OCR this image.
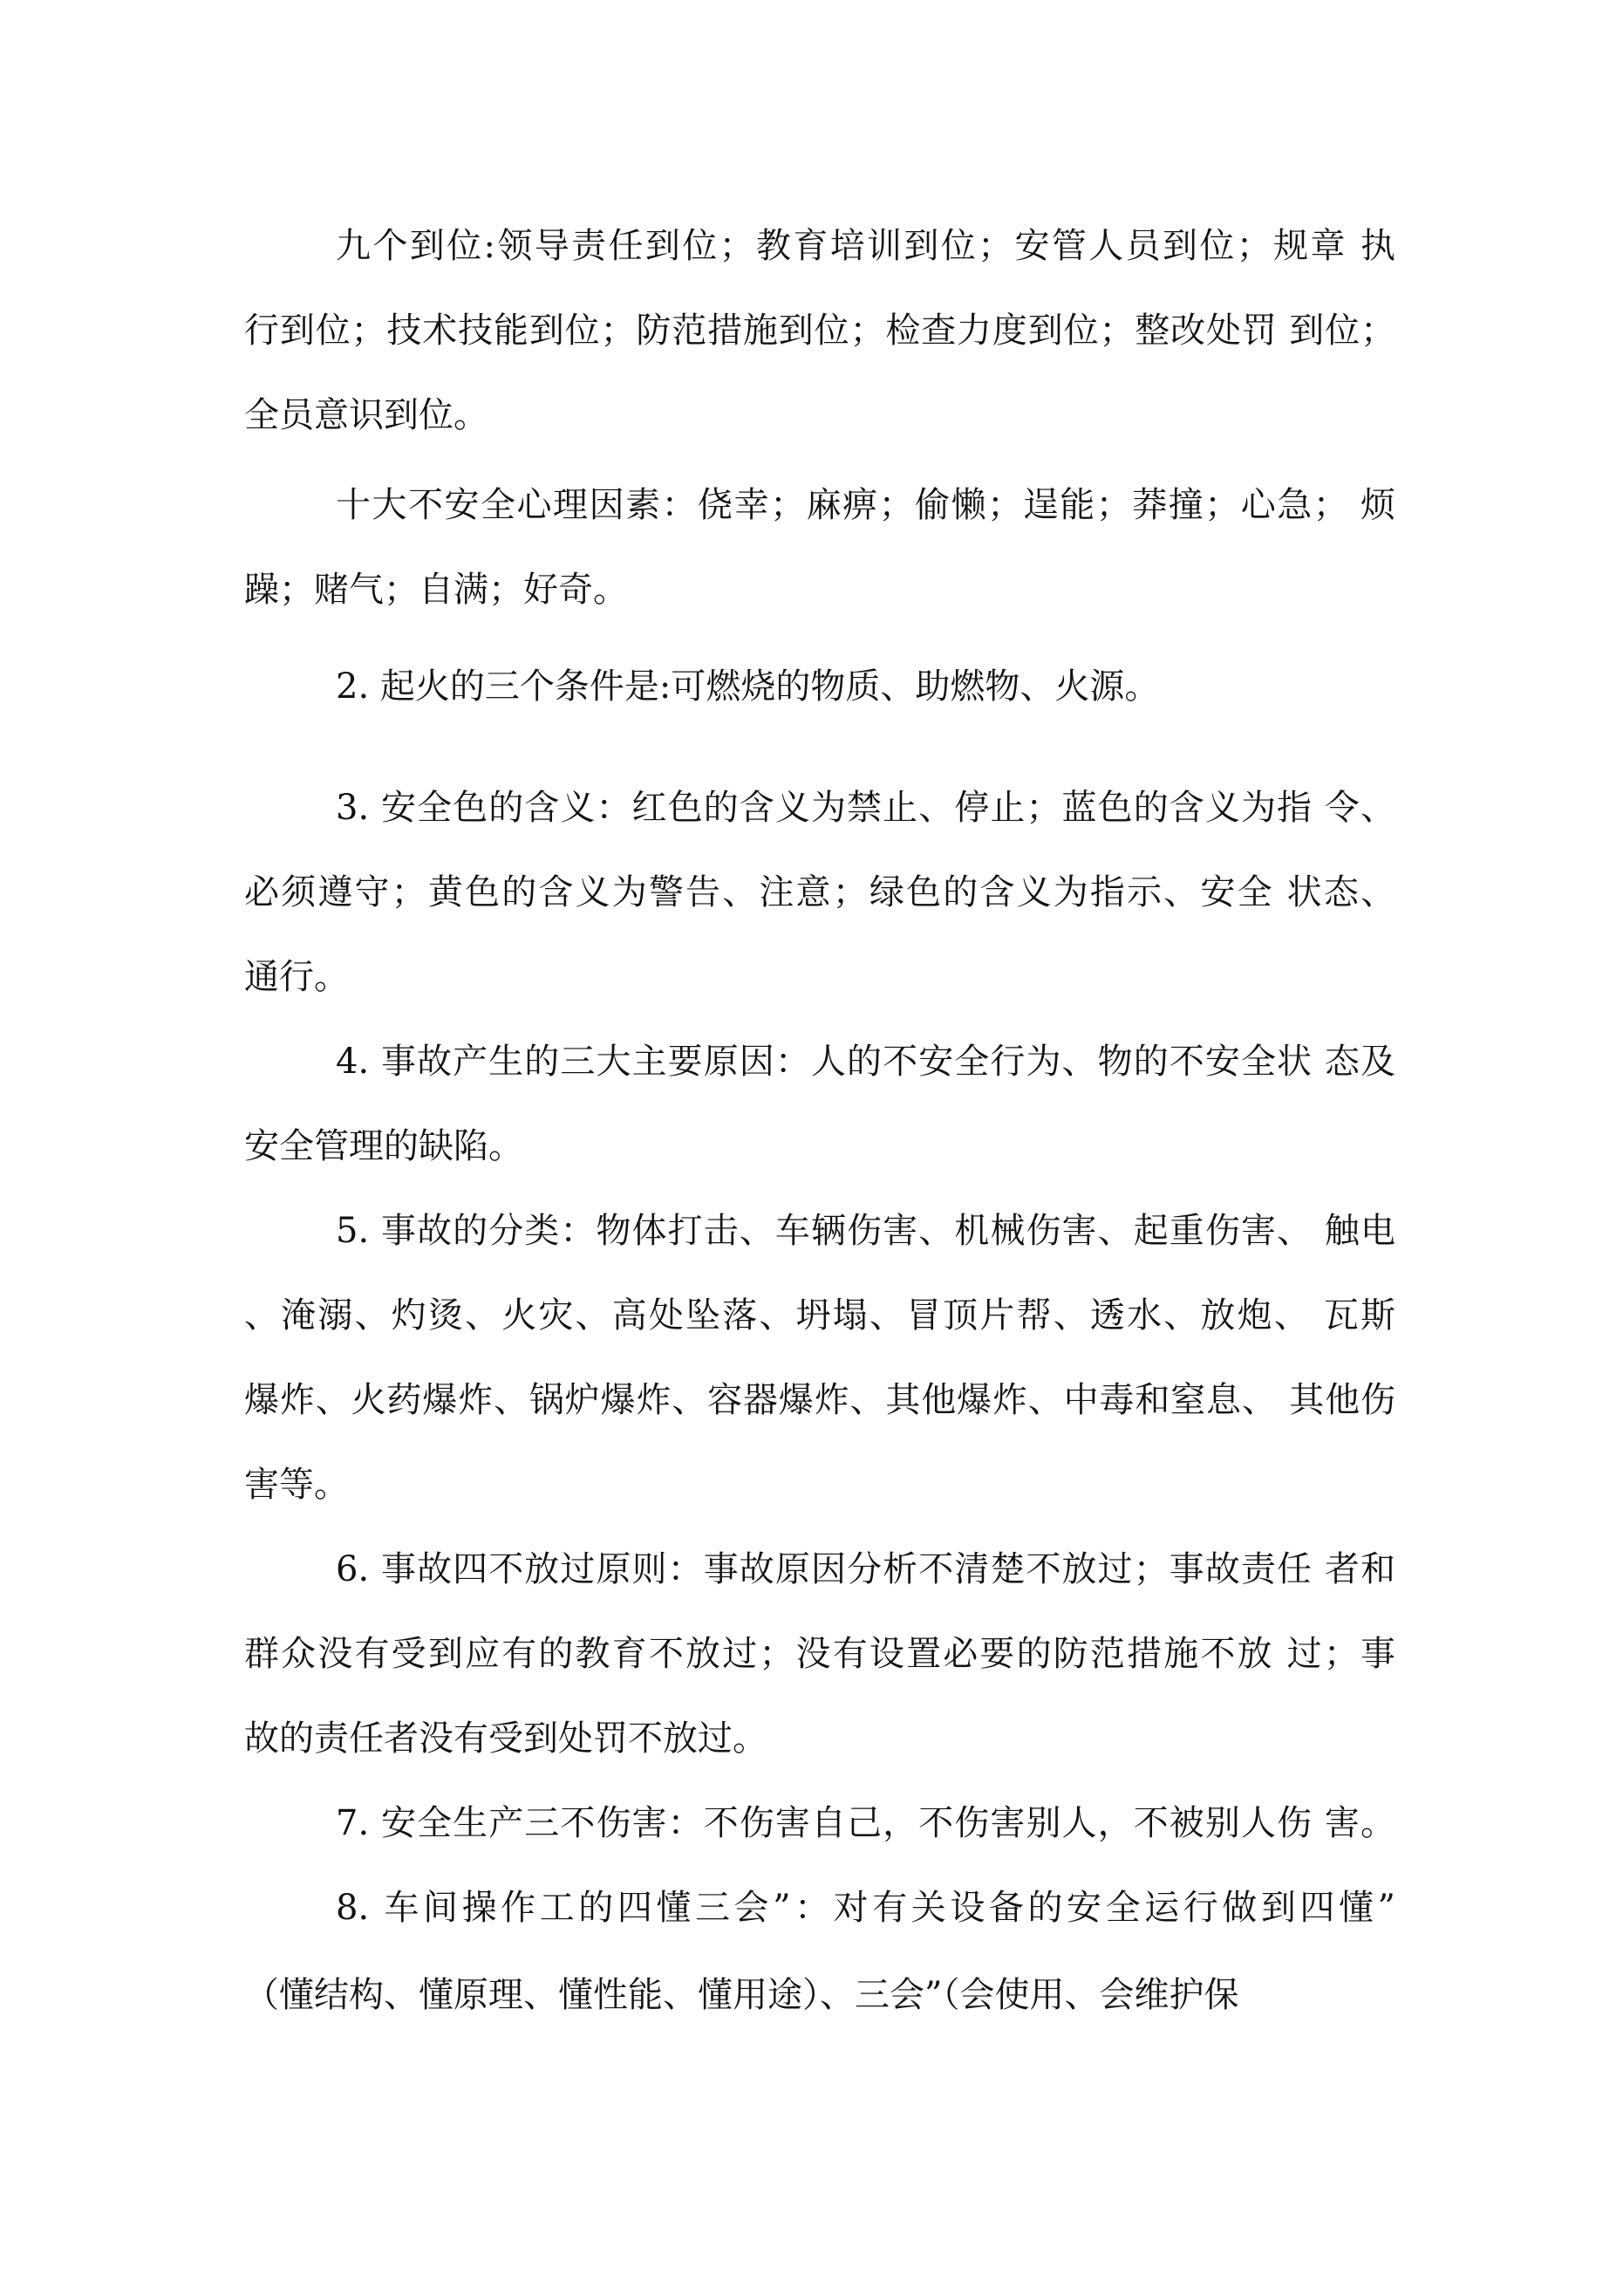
九个到位:领导责任到位；教育培训到位；安管人员到位；规章 执
行到位；技术技能到位；防范措施到位；检查力度到位；整改处罚 到位；
全员意识到位。
十大不安全心理因素：侥幸；麻痹；偷懒；逞能；莽撞；心急； 烦
躁；赌气；自满；好奇。
2. 起火的三个条件是:可燃烧的物质、助燃物、火源。
3. 安全色的含义：红色的含义为禁止、停止；蓝色的含义为指 令、
必须遵守；黄色的含义为警告、注意；绿色的含义为指示、安全 状态、
通行。
4. 事故产生的三大主要原因：人的不安全行为、物的不安全状 态及
安全管理的缺陷。
5. 事故的分类：物体打击、车辆伤害、机械伤害、起重伤害、 触电
、淹溺、灼烫、火灾、高处坠落、坍塌、冒顶片帮、透水、放炮、 瓦斯
爆炸、火药爆炸、锅炉爆炸、容器爆炸、其他爆炸、中毒和窒息、 其他伤
害等。
6. 事故四不放过原则：事故原因分析不清楚不放过；事故责任 者和
群众没有受到应有的教育不放过；没有设置必要的防范措施不放 过；事
故的责任者没有受到处罚不放过。
7. 安全生产三不伤害：不伤害自己，不伤害别人，不被别人伤 害。
8. 车间操作工的四懂三会”：对有关设备的安全运行做到四懂”
（懂结构、懂原理、懂性能、懂用途）、三会”（会使用、会维护保
